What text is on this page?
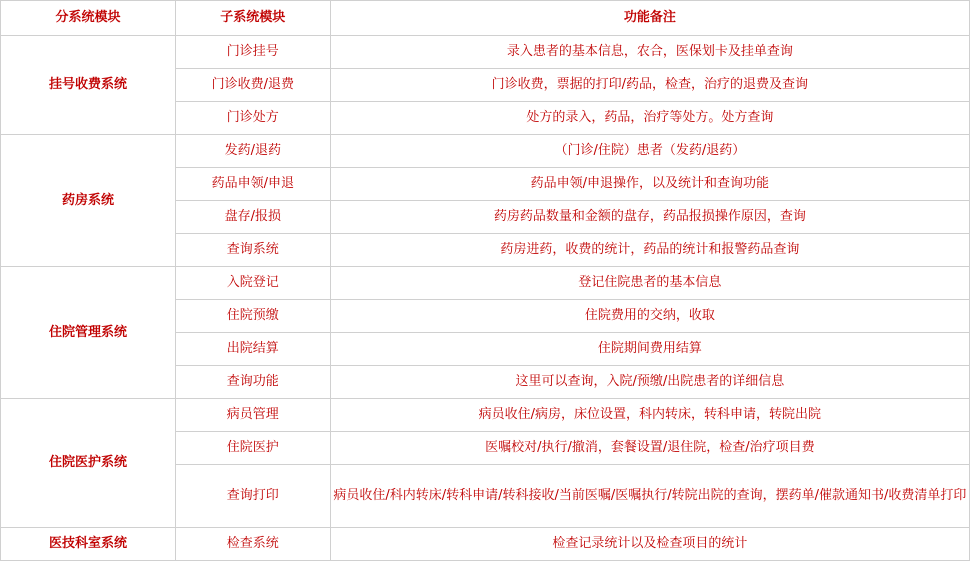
分系统模块	子系统模块	功能备注
挂号收费系统	门诊挂号	录入患者的基本信息，农合，医保划卡及挂单查询
	门诊收费/退费	门诊收费，票据的打印/药品，检查，治疗的退费及查询
	门诊处方	处方的录入，药品，治疗等处方。处方查询
药房系统	发药/退药	（门诊/住院）患者（发药/退药）
	药品申领/申退	药品申领/申退操作，以及统计和查询功能
	盘存/报损	药房药品数量和金额的盘存，药品报损操作原因，查询
	查询系统	药房进药，收费的统计，药品的统计和报警药品查询
住院管理系统	入院登记	登记住院患者的基本信息
	住院预缴	住院费用的交纳，收取
	出院结算	住院期间费用结算
	查询功能	这里可以查询，入院/预缴/出院患者的详细信息
住院医护系统	病员管理	病员收住/病房，床位设置，科内转床，转科申请，转院出院
	住院医护	医嘱校对/执行/撤消，套餐设置/退住院，检查/治疗项目费
	查询打印	病员收住/科内转床/转科申请/转科接收/当前医嘱/医嘱执行/转院出院的查询，摆药单/催款通知书/收费清单打印
医技科室系统	检查系统	检查记录统计以及检查项目的统计
